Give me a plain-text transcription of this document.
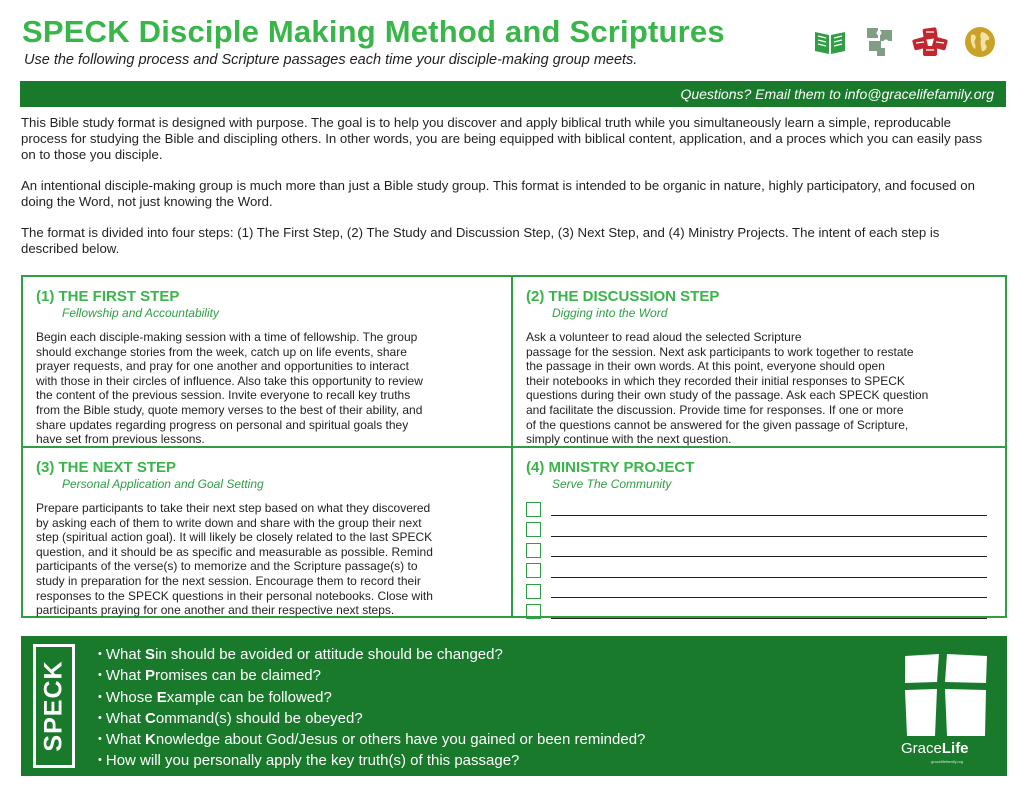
SPECK Disciple Making Method and Scriptures
Use the following process and Scripture passages each time your disciple-making group meets.
Questions? Email them to info@gracelifefamily.org

This Bible study format is designed with purpose. The goal is to help you discover and apply biblical truth while you simultaneously learn a simple, reproducable process for studying the Bible and discipling others. In other words, you are being equipped with biblical content, application, and a proces which you can easily pass on to those you disciple.

An intentional disciple-making group is much more than just a Bible study group. This format is intended to be organic in nature, highly participatory, and focused on doing the Word, not just knowing the Word.

The format is divided into four steps: (1) The First Step, (2) The Study and Discussion Step, (3) Next Step, and (4) Ministry Projects. The intent of each step is described below.

(1) THE FIRST STEP
Fellowship and Accountability
Begin each disciple-making session with a time of fellowship. The group
should exchange stories from the week, catch up on life events, share
prayer requests, and pray for one another and opportunities to interact
with those in their circles of influence. Also take this opportunity to review
the content of the previous session. Invite everyone to recall key truths
from the Bible study, quote memory verses to the best of their ability, and
share updates regarding progress on personal and spiritual goals they
have set from previous lessons.
(2) THE DISCUSSION STEP
Digging into the Word
Ask a volunteer to read aloud the selected Scripture
passage for the session. Next ask participants to work together to restate
the passage in their own words. At this point, everyone should open
their notebooks in which they recorded their initial responses to SPECK
questions during their own study of the passage. Ask each SPECK question
and facilitate the discussion. Provide time for responses. If one or more
of the questions cannot be answered for the given passage of Scripture,
simply continue with the next question.
(3) THE NEXT STEP
Personal Application and Goal Setting
Prepare participants to take their next step based on what they discovered
by asking each of them to write down and share with the group their next
step (spiritual action goal). It will likely be closely related to the last SPECK
question, and it should be as specific and measurable as possible. Remind
participants of the verse(s) to memorize and the Scripture passage(s) to
study in preparation for the next session. Encourage them to record their
responses to the SPECK questions in their personal notebooks. Close with
participants praying for one another and their respective next steps.
(4) MINISTRY PROJECT
Serve The Community
SPECK
• What Sin should be avoided or attitude should be changed?
• What Promises can be claimed?
• Whose Example can be followed?
• What Command(s) should be obeyed?
• What Knowledge about God/Jesus or others have you gained or been reminded?
• How will you personally apply the key truth(s) of this passage?
GraceLife
gracelifefamily.org
